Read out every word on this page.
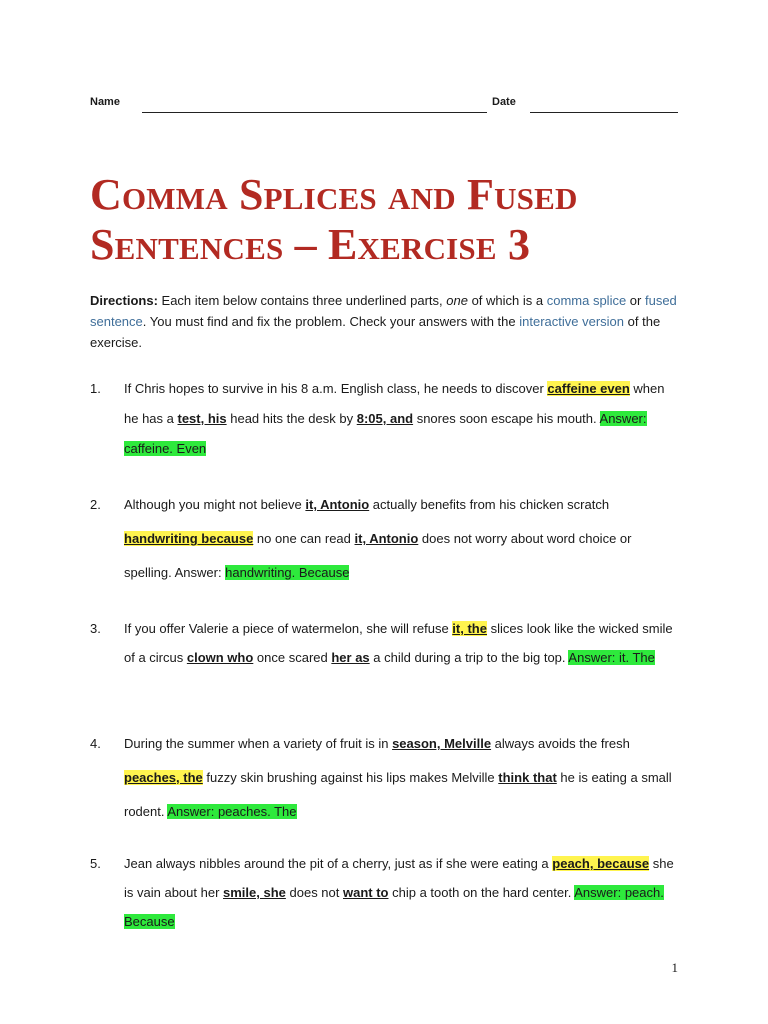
Name	Date
Comma Splices and Fused
Sentences – Exercise 3
Directions: Each item below contains three underlined parts, one of which is a comma splice or fused sentence. You must find and fix the problem. Check your answers with the interactive version of the exercise.
1.	If Chris hopes to survive in his 8 a.m. English class, he needs to discover caffeine even when he has a test, his head hits the desk by 8:05, and snores soon escape his mouth. Answer: caffeine. Even
2.	Although you might not believe it, Antonio actually benefits from his chicken scratch handwriting because no one can read it, Antonio does not worry about word choice or spelling. Answer: handwriting. Because
3.	If you offer Valerie a piece of watermelon, she will refuse it, the slices look like the wicked smile of a circus clown who once scared her as a child during a trip to the big top. Answer: it. The
4.	During the summer when a variety of fruit is in season, Melville always avoids the fresh peaches, the fuzzy skin brushing against his lips makes Melville think that he is eating a small rodent. Answer: peaches. The
5.	Jean always nibbles around the pit of a cherry, just as if she were eating a peach, because she is vain about her smile, she does not want to chip a tooth on the hard center. Answer: peach. Because
1
